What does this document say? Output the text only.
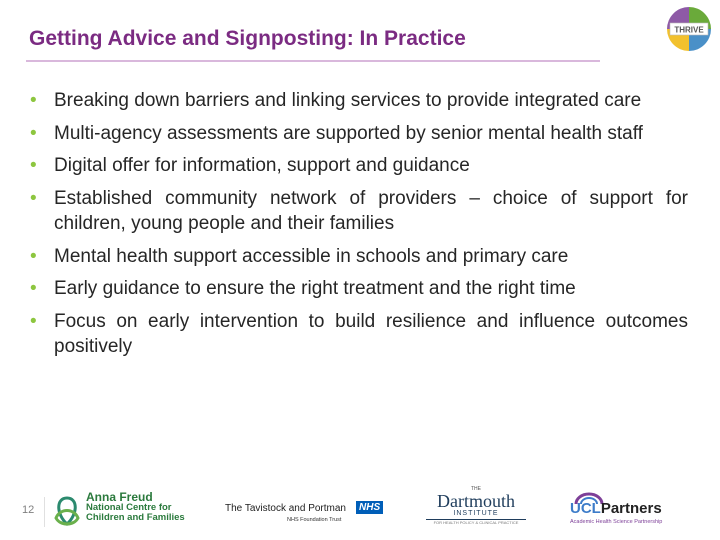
Getting Advice and Signposting: In Practice	THRIVE
• Breaking down barriers and linking services to provide integrated care
• Multi-agency assessments are supported by senior mental health staff
• Digital offer for information, support and guidance
• Established community network of providers – choice of support for children, young people and their families
• Mental health support accessible in schools and primary care
• Early guidance to ensure the right treatment and the right time
• Focus on early intervention to build resilience and influence outcomes positively
12
Anna Freud
National Centre for
Children and Families
The Tavistock and Portman	NHS
NHS Foundation Trust
THE
Dartmouth
INSTITUTE
FOR HEALTH POLICY & CLINICAL PRACTICE
UCLPartners
Academic Health Science Partnership
